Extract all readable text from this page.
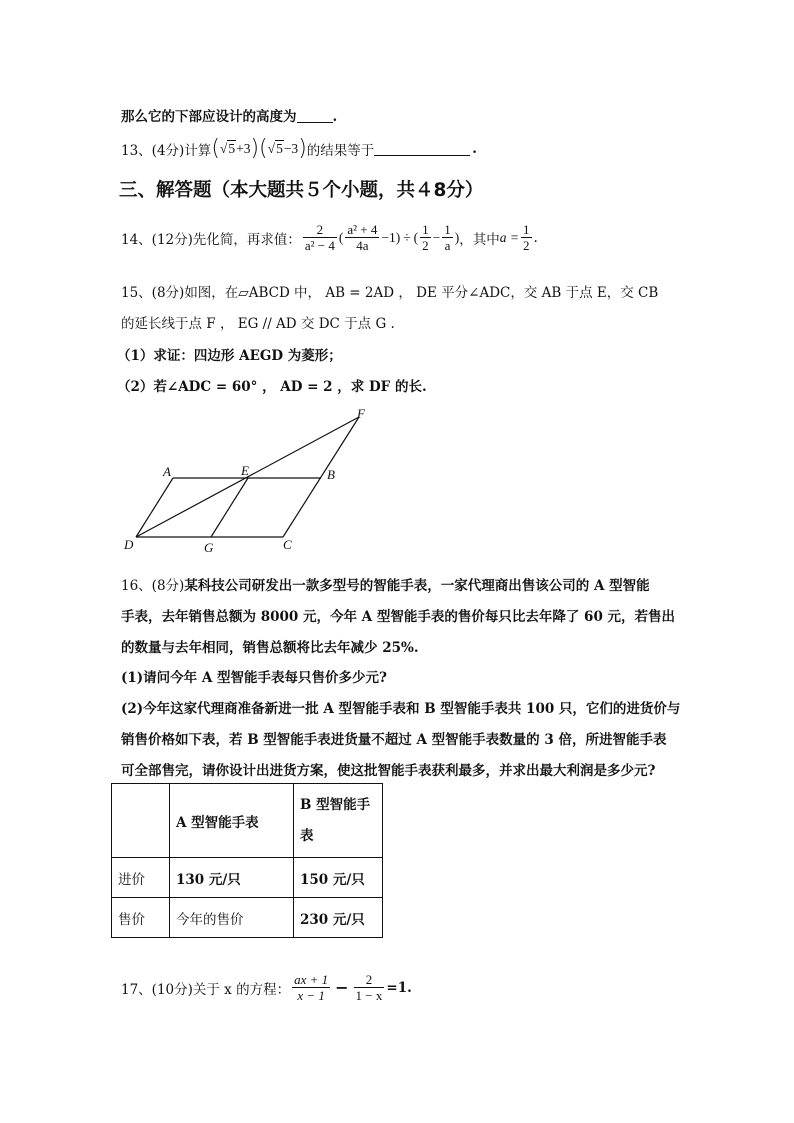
那么它的下部应设计的高度为	.
13、(4分) 计算 ( √5+3 ) ( √5−3 ) 的结果等于	.
三、解答题（本大题共５个小题，共４8分）
14、(12分) 先化简，再求值： $\frac{2}{\text{a² − 4}}$ ( $\frac{\text{a² + 4}}{4a} -1$) ÷ ( $\frac{1}{2} - \frac{1}{a}$ ) ，其中 $a = \frac{1}{2}$ .
15、(8分)如图，在▱ABCD 中， AB = 2AD ， DE 平分∠ADC，交 AB 于点 E，交 CB
的延长线于点 F ， EG // AD 交 DC 于点 G .
（1）求证：四边形 AEGD 为菱形；
（2）若∠ADC = 60° ， AD = 2 ，求 DF 的长.
F
A	E	B
D	G	C
16、(8分)某科技公司研发出一款多型号的智能手表，一家代理商出售该公司的 A 型智能
手表，去年销售总额为 8000 元，今年 A 型智能手表的售价每只比去年降了 60 元，若售出
的数量与去年相同，销售总额将比去年减少 25%.
(1)请问今年 A 型智能手表每只售价多少元?
(2)今年这家代理商准备新进一批 A 型智能手表和 B 型智能手表共 100 只，它们的进货价与
销售价格如下表，若 B 型智能手表进货量不超过 A 型智能手表数量的 3 倍，所进智能手表
可全部售完，请你设计出进货方案，使这批智能手表获利最多，并求出最大利润是多少元?
	A 型智能手表	B 型智能手
表
进价	130 元/只	150 元/只
售价	今年的售价	230 元/只
17、(10分) 关于 x 的方程： $\frac{ax + 1}{x - 1} - \frac{2}{1 - x} =1$.
